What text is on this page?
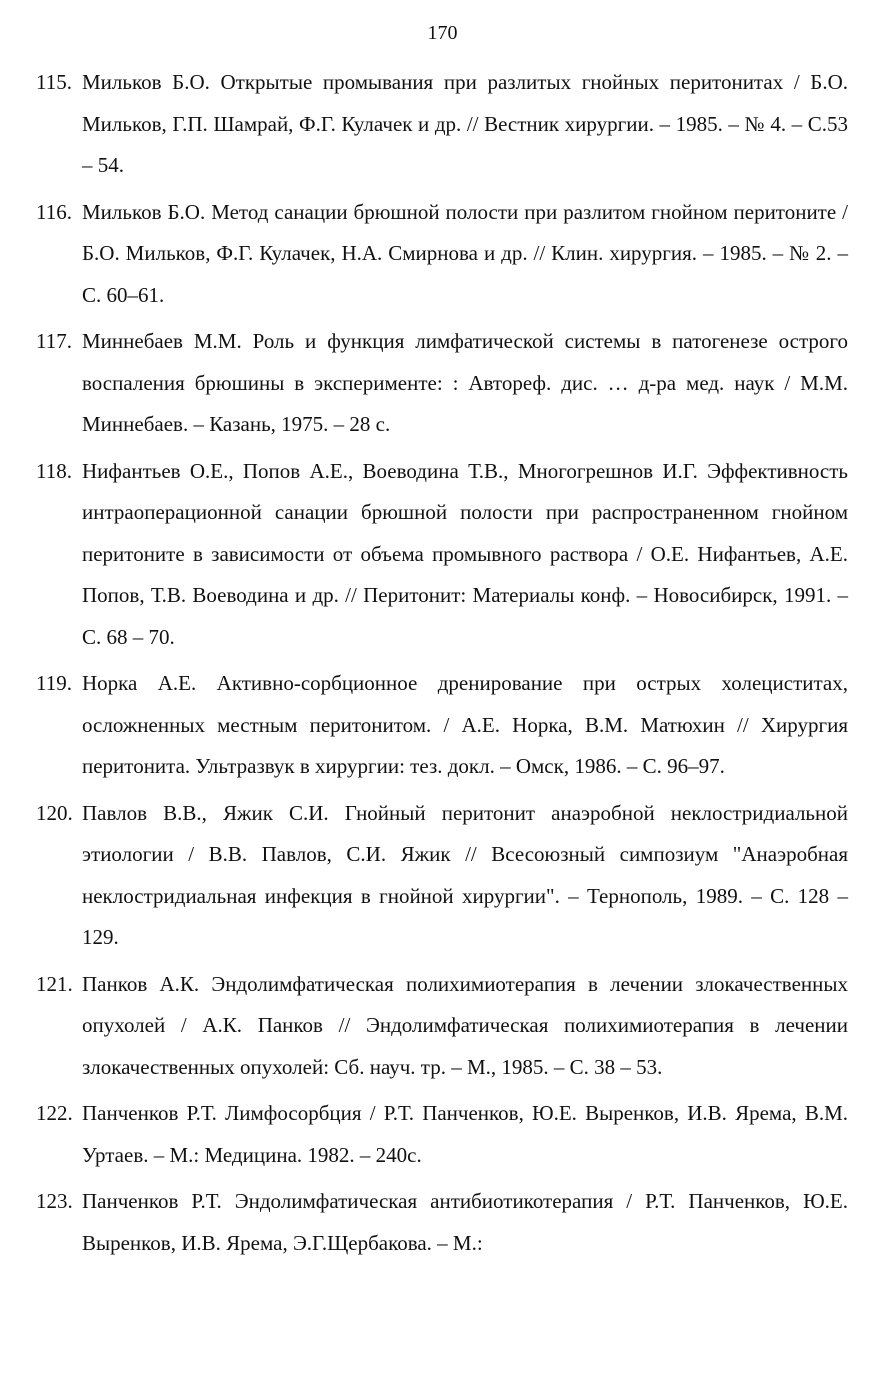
170
115. Мильков Б.О. Открытые промывания при разлитых гнойных перитонитах / Б.О. Мильков, Г.П. Шамрай, Ф.Г. Кулачек и др. // Вестник хирургии. – 1985. – № 4. – С.53 – 54.
116. Мильков Б.О. Метод санации брюшной полости при разлитом гнойном перитоните / Б.О. Мильков, Ф.Г. Кулачек, Н.А. Смирнова и др. // Клин. хирургия. – 1985. – № 2. – С. 60–61.
117. Миннебаев М.М. Роль и функция лимфатической системы в патогенезе острого воспаления брюшины в эксперименте: : Автореф. дис. … д-ра мед. наук / М.М. Миннебаев. – Казань, 1975. – 28 с.
118. Нифантьев О.Е., Попов А.Е., Воеводина Т.В., Многогрешнов И.Г. Эффективность интраоперационной санации брюшной полости при распространенном гнойном перитоните в зависимости от объема промывного раствора / О.Е. Нифантьев, А.Е. Попов, Т.В. Воеводина и др. // Перитонит: Материалы конф. – Новосибирск, 1991. – С. 68 – 70.
119. Норка А.Е. Активно-сорбционное дренирование при острых холециститах, осложненных местным перитонитом. / А.Е. Норка, В.М. Матюхин // Хирургия перитонита. Ультразвук в хирургии: тез. докл. – Омск, 1986. – С. 96–97.
120. Павлов В.В., Яжик С.И. Гнойный перитонит анаэробной неклостридиальной этиологии / В.В. Павлов, С.И. Яжик // Всесоюзный симпозиум "Анаэробная неклостридиальная инфекция в гнойной хирургии". – Тернополь, 1989. – С. 128 – 129.
121. Панков А.К. Эндолимфатическая полихимиотерапия в лечении злокачественных опухолей / А.К. Панков // Эндолимфатическая полихимиотерапия в лечении злокачественных опухолей: Сб. науч. тр. – М., 1985. – С. 38 – 53.
122. Панченков Р.Т. Лимфосорбция / Р.Т. Панченков, Ю.Е. Выренков, И.В. Ярема, В.М. Уртаев. – М.: Медицина. 1982. – 240с.
123. Панченков Р.Т. Эндолимфатическая антибиотикотерапия / Р.Т. Панченков, Ю.Е. Выренков, И.В. Ярема, Э.Г.Щербакова. – М.:
